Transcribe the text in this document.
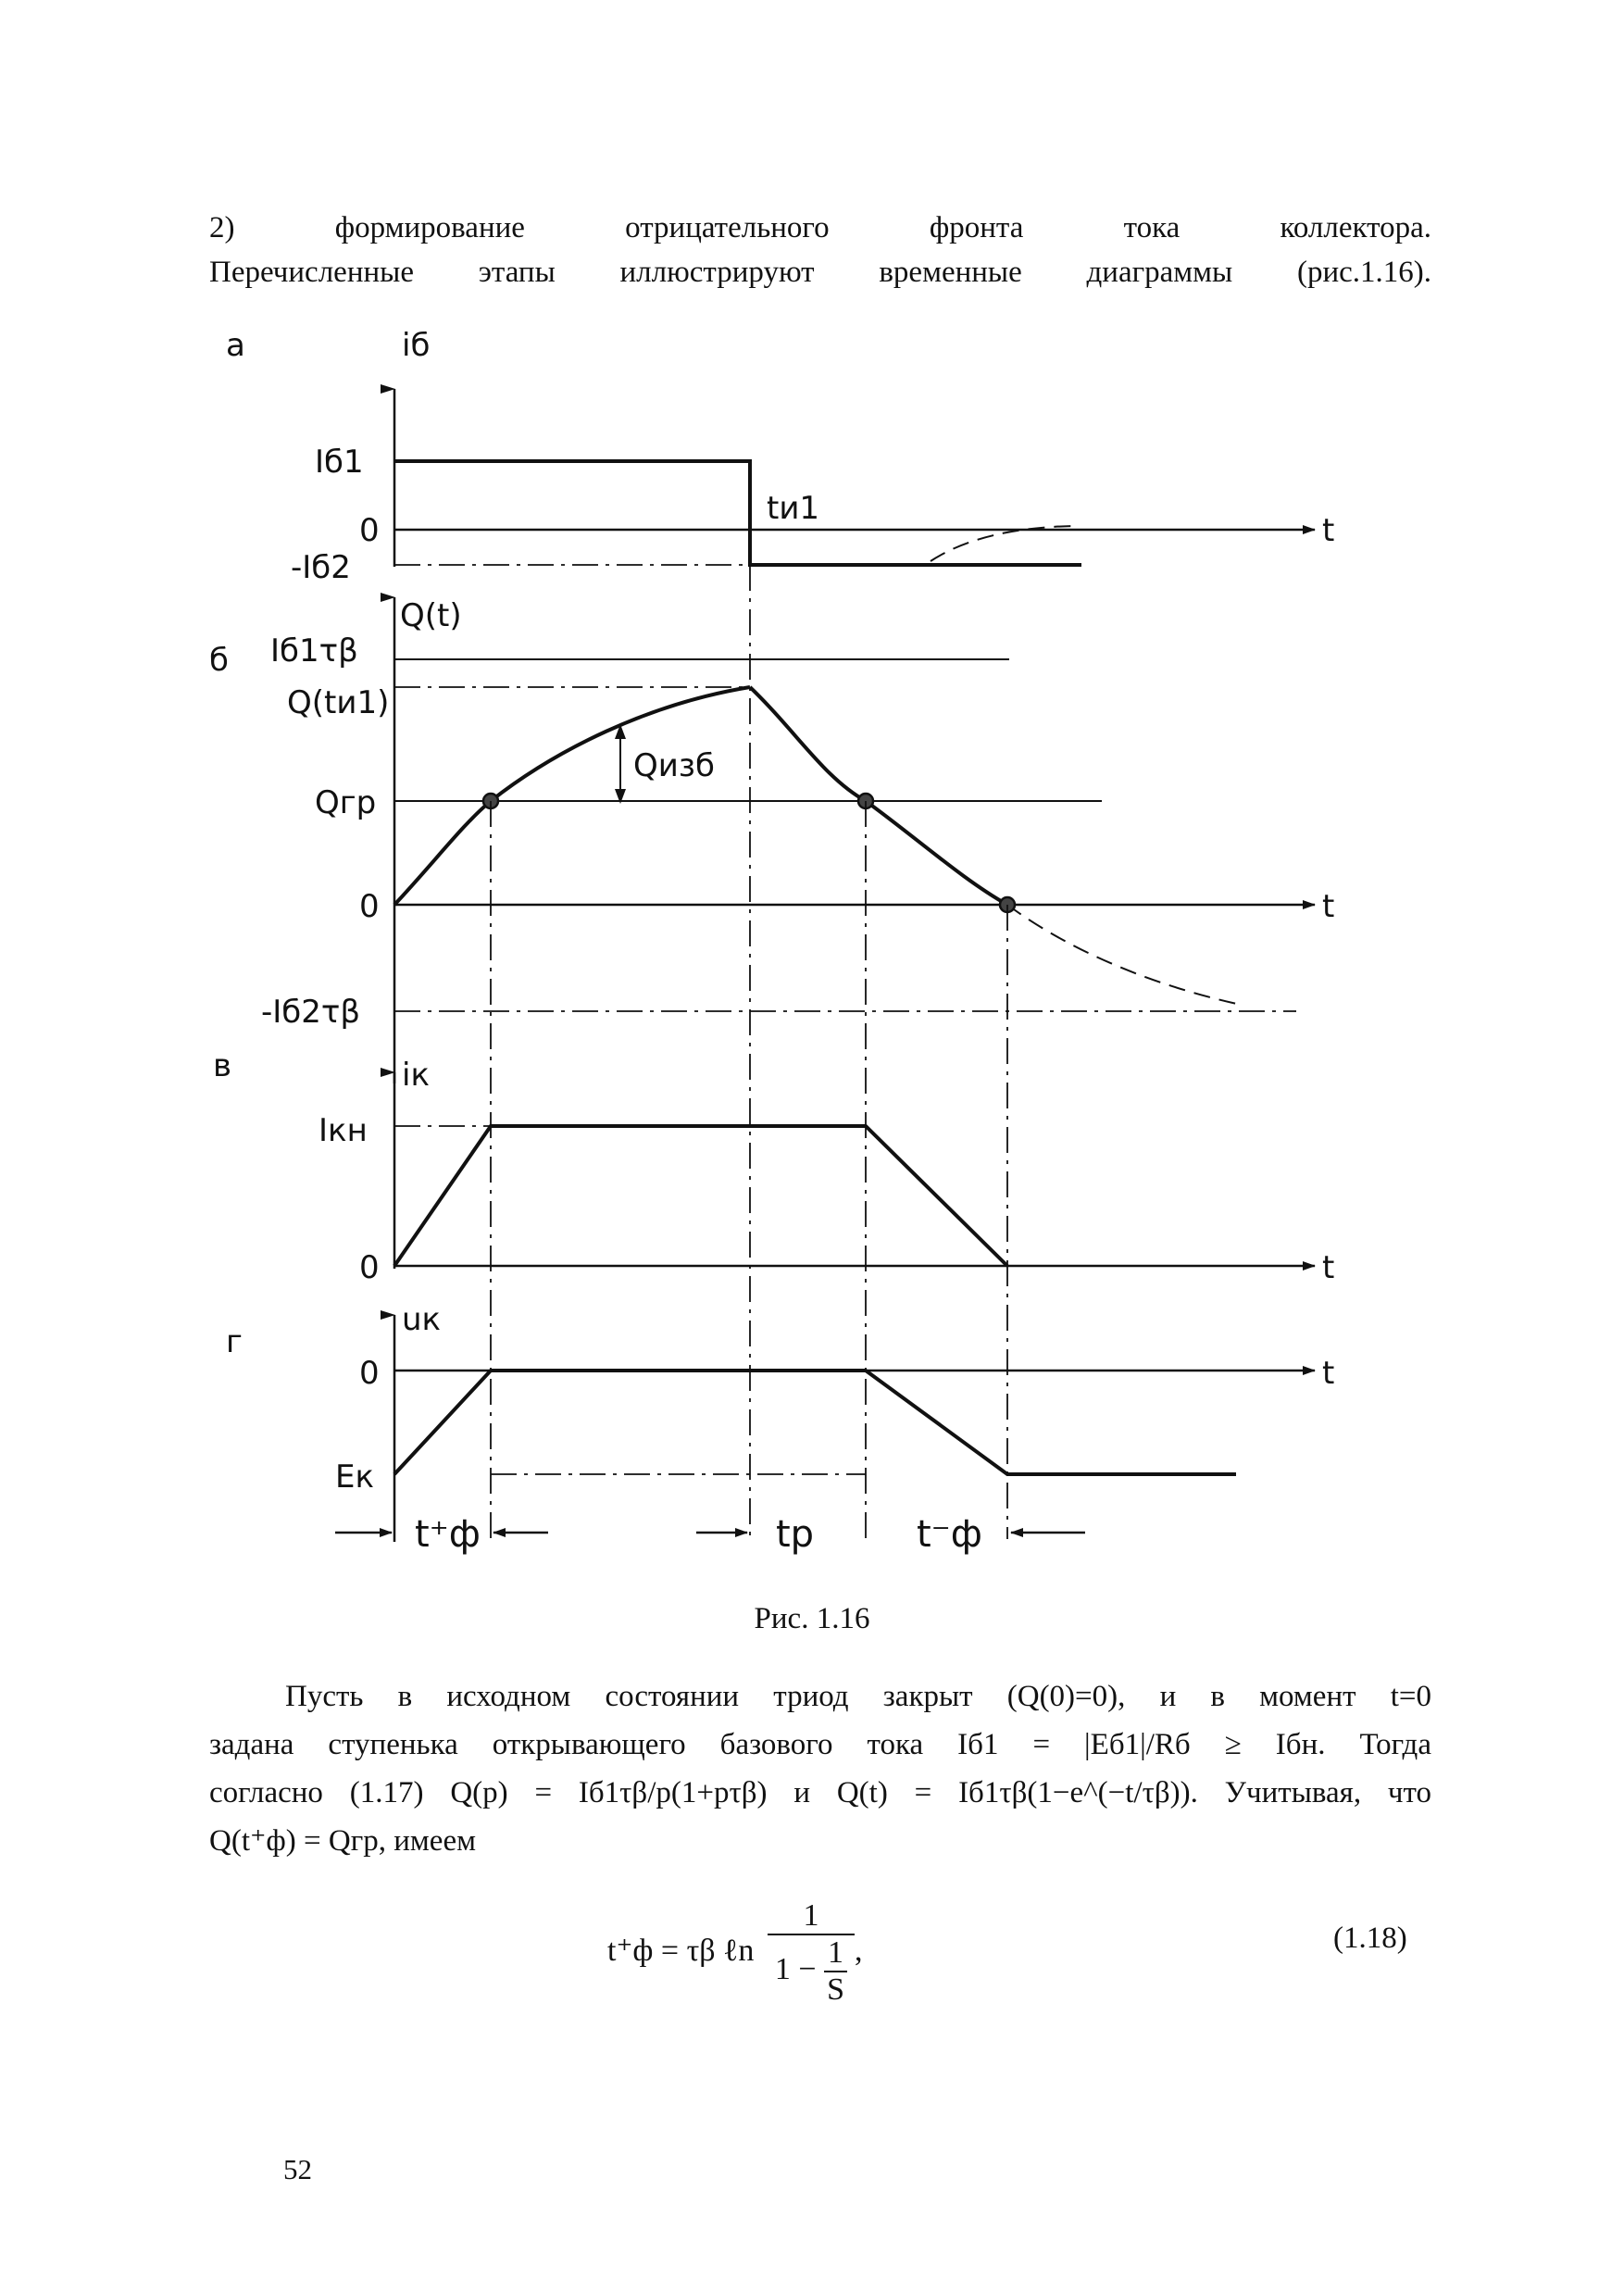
2) формирование отрицательного фронта тока коллектора.
Перечисленные этапы иллюстрируют временные диаграммы (рис.1.16).
а	iб
Iб1
0
-Iб2
tи1
t
б
Q(t)
Iб1τβ
Q(tи1)
Qгр
0
-Iб2τβ
Qизб
t
в	iк
Iкн
0	t
г
uк
0
Eк
t
t⁺ф	tр	t⁻ф
Рис. 1.16
Пусть в исходном состоянии триод закрыт (Q(0)=0), и в момент t=0
задана ступенька открывающего базового тока Iб1 = |Eб1|/Rб ≥ Iбн. Тогда
согласно (1.17) Q(p) = Iб1τβ/p(1+pτβ) и Q(t) = Iб1τβ(1−e^(−t/τβ)). Учитывая, что
Q(t⁺ф) = Qгр, имеем
t⁺ф = τβ ℓn $\frac{1}{1 - \frac{1}{S}}$ ,	(1.18)
52
